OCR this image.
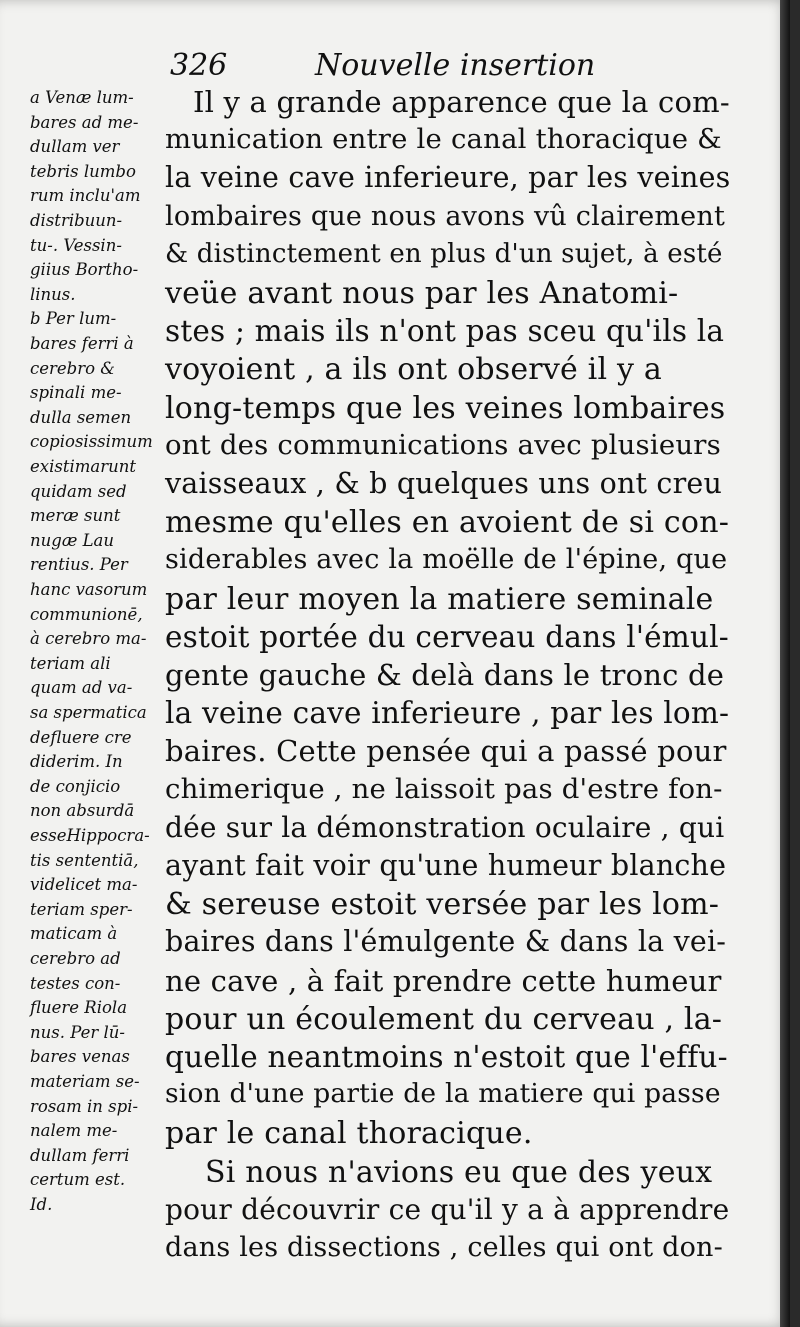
326	Nouvelle insertion
a Venæ lum-
bares ad me-
dullam ver
tebris lumbo
rum inclu'am
distribuun-
tu-. Vessin-
giius Bortho-
linus.
b Per lum-
bares ferri à
cerebro &
spinali me-
dulla semen
copiosissimum
existimarunt
quidam sed
meræ sunt
nugæ Lau
rentius. Per
hanc vasorum
communionē,
à cerebro ma-
teriam ali
quam ad va-
sa spermatica
defluere cre
diderim. In
de conjicio
non absurdā
esseHippocra-
tis sententiā,
videlicet ma-
teriam sper-
maticam à
cerebro ad
testes con-
fluere Riola
nus. Per lū-
bares venas
materiam se-
rosam in spi-
nalem me-
dullam ferri
certum est.
Id.
Il y a grande apparence que la com-
munication entre le canal thoracique &
la veine cave inferieure, par les veines
lombaires que nous avons vû clairement
& distinctement en plus d'un sujet, à esté
veüe avant nous par les Anatomi-
stes ; mais ils n'ont pas sceu qu'ils la
voyoient , a ils ont observé il y a
long-temps que les veines lombaires
ont des communications avec plusieurs
vaisseaux , & b quelques uns ont creu
mesme qu'elles en avoient de si con-
siderables avec la moëlle de l'épine, que
par leur moyen la matiere seminale
estoit portée du cerveau dans l'émul-
gente gauche & delà dans le tronc de
la veine cave inferieure , par les lom-
baires. Cette pensée qui a passé pour
chimerique , ne laissoit pas d'estre fon-
dée sur la démonstration oculaire , qui
ayant fait voir qu'une humeur blanche
& sereuse estoit versée par les lom-
baires dans l'émulgente & dans la vei-
ne cave , à fait prendre cette humeur
pour un écoulement du cerveau , la-
quelle neantmoins n'estoit que l'effu-
sion d'une partie de la matiere qui passe
par le canal thoracique.
Si nous n'avions eu que des yeux
pour découvrir ce qu'il y a à apprendre
dans les dissections , celles qui ont don-
